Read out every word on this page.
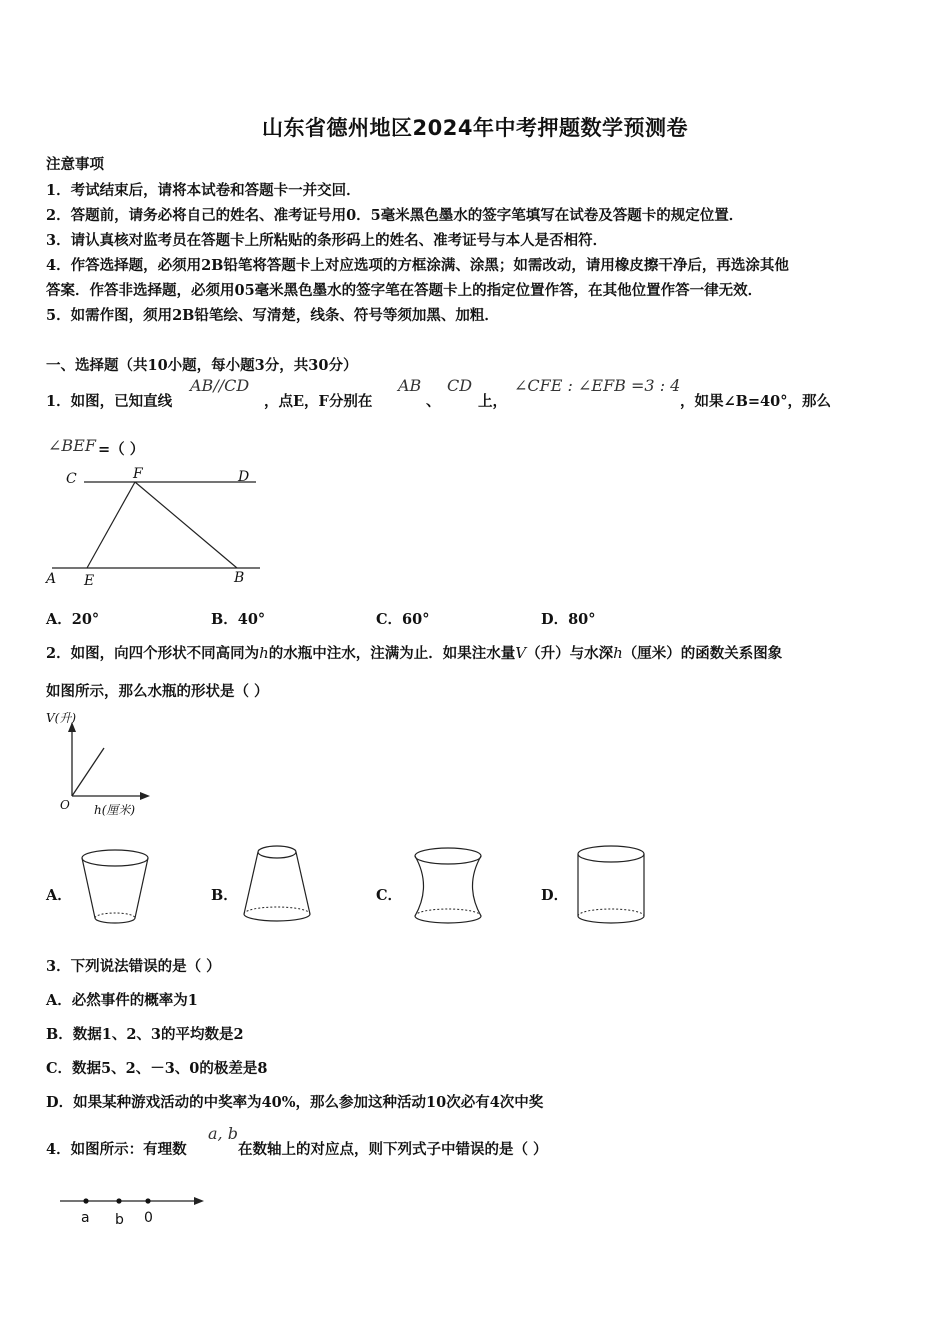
山东省德州地区2024年中考押题数学预测卷
注意事项
1．考试结束后，请将本试卷和答题卡一并交回．
2．答题前，请务必将自己的姓名、准考证号用0．5毫米黑色墨水的签字笔填写在试卷及答题卡的规定位置．
3．请认真核对监考员在答题卡上所粘贴的条形码上的姓名、准考证号与本人是否相符．
4．作答选择题，必须用2B铅笔将答题卡上对应选项的方框涂满、涂黑；如需改动，请用橡皮擦干净后，再选涂其他
答案．作答非选择题，必须用05毫米黑色墨水的签字笔在答题卡上的指定位置作答，在其他位置作答一律无效．
5．如需作图，须用2B铅笔绘、写清楚，线条、符号等须加黑、加粗．
一、选择题（共10小题，每小题3分，共30分）
1．如图，已知直线
AB//CD
，点E，F分别在
AB
、
CD
上，
∠CFE : ∠EFB =3 : 4
，如果∠B=40°，那么
∠BEF =（ ）
C	F	D
A E	B
A．20°	B．40°	C．60°	D．80°
2．如图，向四个形状不同高同为h的水瓶中注水，注满为止．如果注水量V（升）与水深h（厘米）的函数关系图象
如图所示，那么水瓶的形状是（ ）
V(升)
O h(厘米)
A．	B．	C．	D．
3．下列说法错误的是（ ）
A．必然事件的概率为1
B．数据1、2、3的平均数是2
C．数据5、2、－3、0的极差是8
D．如果某种游戏活动的中奖率为40%，那么参加这种活动10次必有4次中奖
4．如图所示：有理数
a, b
在数轴上的对应点，则下列式子中错误的是（ ）
a b 0
